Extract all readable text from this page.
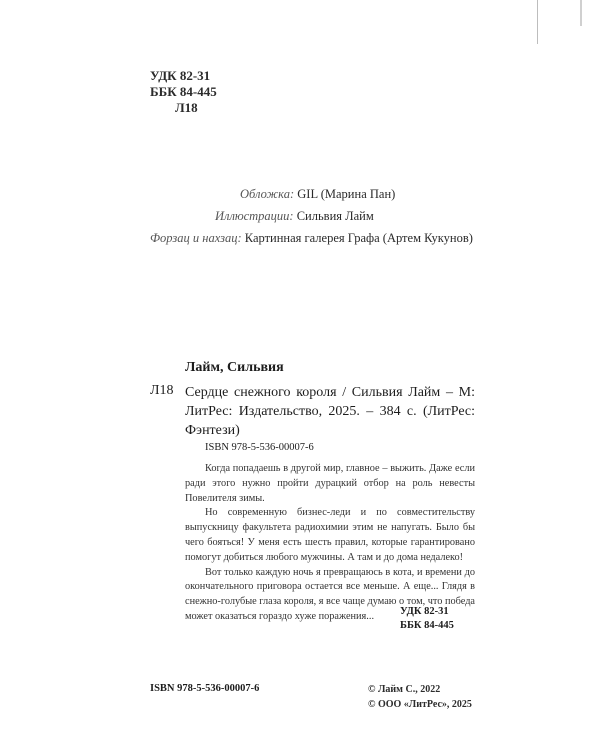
УДК 82-31
ББК 84-445
Л18
Обложка: GIL (Марина Пан)
Иллюстрации: Сильвия Лайм
Форзац и нахзац: Картинная галерея Графа (Артем Кукунов)
Лайм, Сильвия
Л18 Сердце снежного короля / Сильвия Лайм – М: ЛитРес: Издательство, 2025. – 384 с. (ЛитРес: Фэнтези)
ISBN 978-5-536-00007-6

Когда попадаешь в другой мир, главное – выжить. Даже если ради этого нужно пройти дурацкий отбор на роль невесты Повелителя зимы.

Но современную бизнес-леди и по совместительству выпускницу факультета радиохимии этим не напугать. Было бы чего бояться! У меня есть шесть правил, которые гарантировано помогут добиться любого мужчины. А там и до дома недалеко!

Вот только каждую ночь я превращаюсь в кота, и времени до окончательного приговора остается все меньше. А еще... Глядя в снежно-голубые глаза короля, я все чаще думаю о том, что победа может оказаться гораздо хуже поражения...	УДК 82-31
ББК 84-445
ISBN 978-5-536-00007-6	© Лайм С., 2022
© ООО «ЛитРес», 2025
